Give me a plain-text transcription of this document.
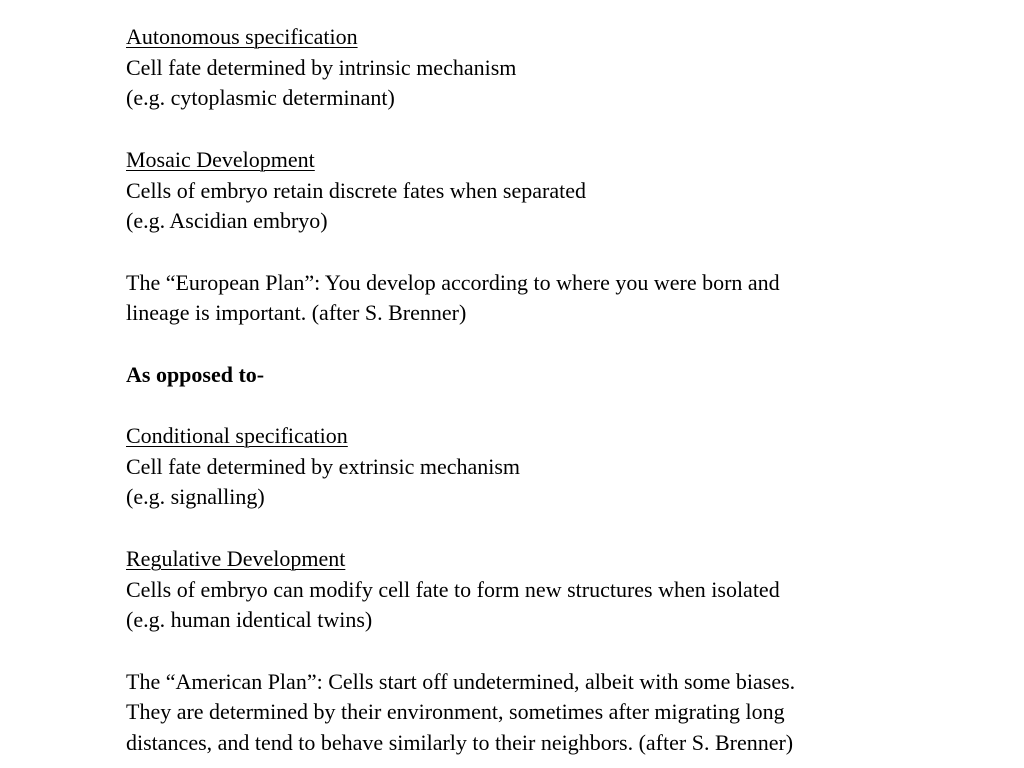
Autonomous specification
Cell fate determined by intrinsic mechanism
(e.g. cytoplasmic determinant)
Mosaic Development
Cells of embryo retain discrete fates when separated
(e.g. Ascidian embryo)
The “European Plan”: You develop according to where you were born and
lineage is important. (after S. Brenner)
As opposed to-
Conditional specification
Cell fate determined by extrinsic mechanism
(e.g. signalling)
Regulative Development
Cells of embryo can modify cell fate to form new structures when isolated
(e.g. human identical twins)
The “American Plan”: Cells start off undetermined, albeit with some biases.
They are determined by their environment, sometimes after migrating long
distances, and tend to behave similarly to their neighbors. (after S. Brenner)
